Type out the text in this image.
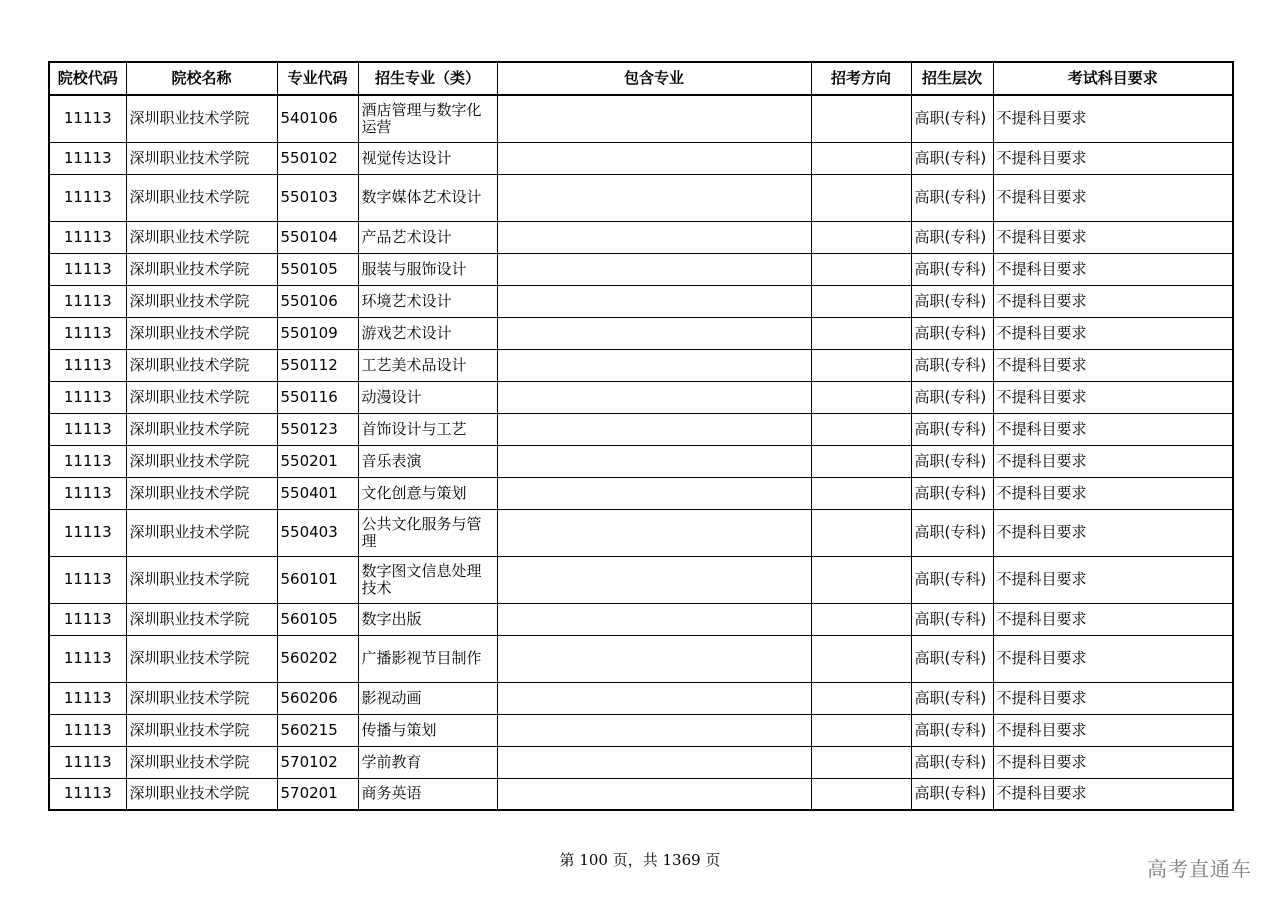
院校代码	院校名称	专业代码	招生专业（类）	包含专业	招考方向	招生层次	考试科目要求
11113	深圳职业技术学院	540106	酒店管理与数字化运营			高职(专科)	不提科目要求
11113	深圳职业技术学院	550102	视觉传达设计			高职(专科)	不提科目要求
11113	深圳职业技术学院	550103	数字媒体艺术设计			高职(专科)	不提科目要求
11113	深圳职业技术学院	550104	产品艺术设计			高职(专科)	不提科目要求
11113	深圳职业技术学院	550105	服装与服饰设计			高职(专科)	不提科目要求
11113	深圳职业技术学院	550106	环境艺术设计			高职(专科)	不提科目要求
11113	深圳职业技术学院	550109	游戏艺术设计			高职(专科)	不提科目要求
11113	深圳职业技术学院	550112	工艺美术品设计			高职(专科)	不提科目要求
11113	深圳职业技术学院	550116	动漫设计			高职(专科)	不提科目要求
11113	深圳职业技术学院	550123	首饰设计与工艺			高职(专科)	不提科目要求
11113	深圳职业技术学院	550201	音乐表演			高职(专科)	不提科目要求
11113	深圳职业技术学院	550401	文化创意与策划			高职(专科)	不提科目要求
11113	深圳职业技术学院	550403	公共文化服务与管理			高职(专科)	不提科目要求
11113	深圳职业技术学院	560101	数字图文信息处理技术			高职(专科)	不提科目要求
11113	深圳职业技术学院	560105	数字出版			高职(专科)	不提科目要求
11113	深圳职业技术学院	560202	广播影视节目制作			高职(专科)	不提科目要求
11113	深圳职业技术学院	560206	影视动画			高职(专科)	不提科目要求
11113	深圳职业技术学院	560215	传播与策划			高职(专科)	不提科目要求
11113	深圳职业技术学院	570102	学前教育			高职(专科)	不提科目要求
11113	深圳职业技术学院	570201	商务英语			高职(专科)	不提科目要求
第 100 页，共 1369 页	高考直通车
